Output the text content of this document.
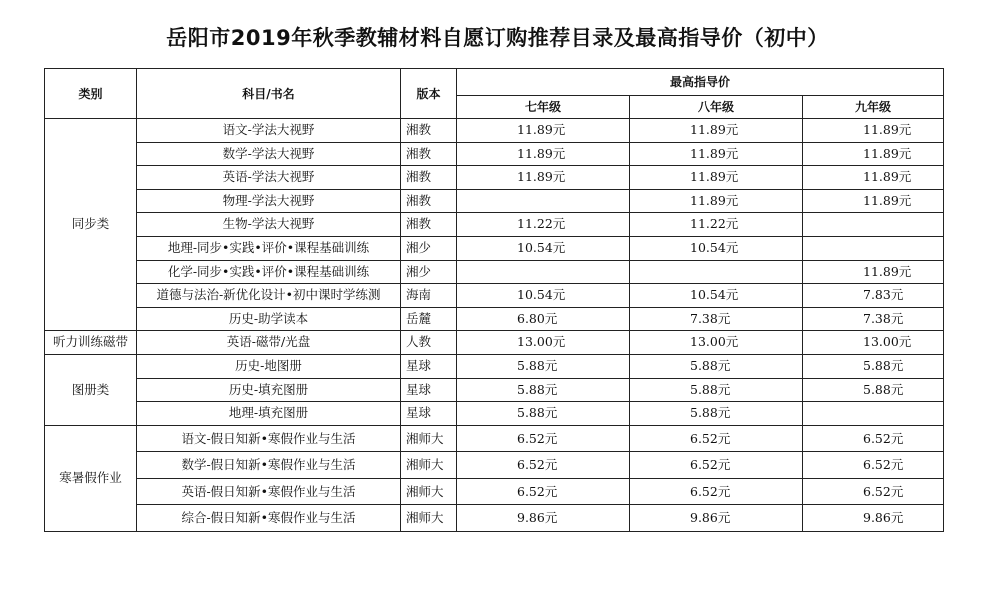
岳阳市2019年秋季教辅材料自愿订购推荐目录及最高指导价（初中）
类别	科目/书名	版本	最高指导价		
			七年级	八年级	九年级
同步类	语文-学法大视野	湘教	11.89元	11.89元	11.89元
	数学-学法大视野	湘教	11.89元	11.89元	11.89元
	英语-学法大视野	湘教	11.89元	11.89元	11.89元
	物理-学法大视野	湘教		11.89元	11.89元
	生物-学法大视野	湘教	11.22元	11.22元	
	地理-同步•实践•评价•课程基础训练	湘少	10.54元	10.54元	
	化学-同步•实践•评价•课程基础训练	湘少			11.89元
	道德与法治-新优化设计•初中课时学练测	海南	10.54元	10.54元	7.83元
	历史-助学读本	岳麓	6.80元	7.38元	7.38元
听力训练磁带	英语-磁带/光盘	人教	13.00元	13.00元	13.00元
图册类	历史-地图册	星球	5.88元	5.88元	5.88元
	历史-填充图册	星球	5.88元	5.88元	5.88元
	地理-填充图册	星球	5.88元	5.88元	
寒暑假作业	语文-假日知新•寒假作业与生活	湘师大	6.52元	6.52元	6.52元
	数学-假日知新•寒假作业与生活	湘师大	6.52元	6.52元	6.52元
	英语-假日知新•寒假作业与生活	湘师大	6.52元	6.52元	6.52元
	综合-假日知新•寒假作业与生活	湘师大	9.86元	9.86元	9.86元
